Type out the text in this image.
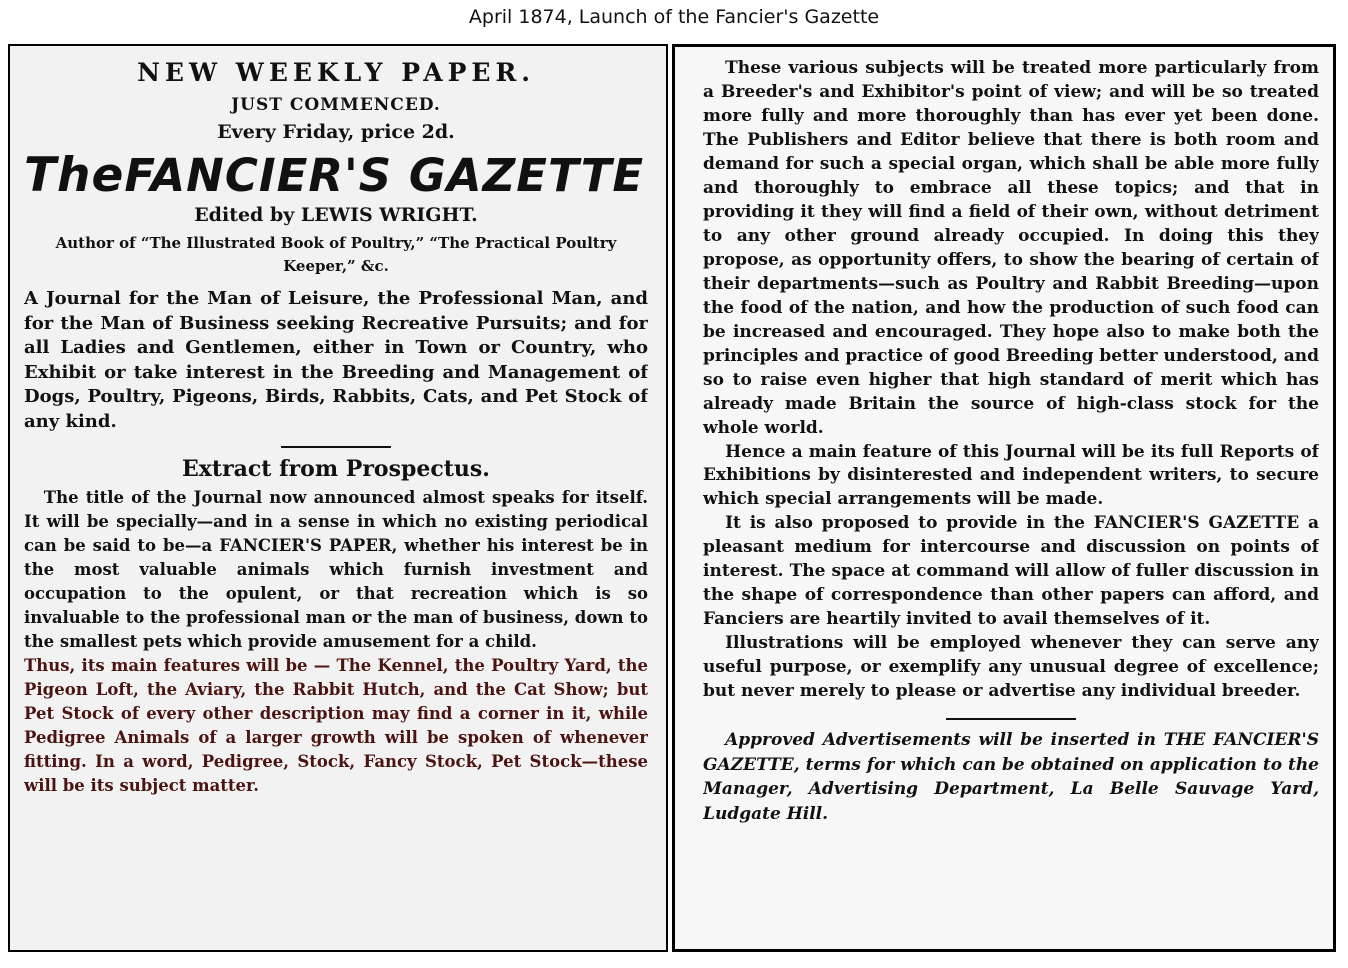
April 1874, Launch of the Fancier's Gazette

NEW WEEKLY PAPER.

JUST COMMENCED.

Every Friday, price 2d.

TheFANCIER'S GAZETTE

Edited by LEWIS WRIGHT.

Author of “The Illustrated Book of Poultry,” “The Practical Poultry Keeper,” &c.

A Journal for the Man of Leisure, the Professional Man, and for the Man of Business seeking Recreative Pursuits; and for all Ladies and Gentlemen, either in Town or Country, who Exhibit or take interest in the Breeding and Management of Dogs, Poultry, Pigeons, Birds, Rabbits, Cats, and Pet Stock of any kind.

Extract from Prospectus.

The title of the Journal now announced almost speaks for itself. It will be specially—and in a sense in which no existing periodical can be said to be—a FANCIER'S PAPER, whether his interest be in the most valuable animals which furnish investment and occupation to the opulent, or that recreation which is so invaluable to the professional man or the man of business, down to the smallest pets which provide amusement for a child.

Thus, its main features will be — The Kennel, the Poultry Yard, the Pigeon Loft, the Aviary, the Rabbit Hutch, and the Cat Show; but Pet Stock of every other description may find a corner in it, while Pedigree Animals of a larger growth will be spoken of whenever fitting. In a word, Pedigree, Stock, Fancy Stock, Pet Stock—these will be its subject matter.

These various subjects will be treated more particularly from a Breeder's and Exhibitor's point of view; and will be so treated more fully and more thoroughly than has ever yet been done. The Publishers and Editor believe that there is both room and demand for such a special organ, which shall be able more fully and thoroughly to embrace all these topics; and that in providing it they will find a field of their own, without detriment to any other ground already occupied. In doing this they propose, as opportunity offers, to show the bearing of certain of their departments—such as Poultry and Rabbit Breeding—upon the food of the nation, and how the production of such food can be increased and encouraged. They hope also to make both the principles and practice of good Breeding better understood, and so to raise even higher that high standard of merit which has already made Britain the source of high-class stock for the whole world.

Hence a main feature of this Journal will be its full Reports of Exhibitions by disinterested and independent writers, to secure which special arrangements will be made.

It is also proposed to provide in the FANCIER'S GAZETTE a pleasant medium for intercourse and discussion on points of interest. The space at command will allow of fuller discussion in the shape of correspondence than other papers can afford, and Fanciers are heartily invited to avail themselves of it.

Illustrations will be employed whenever they can serve any useful purpose, or exemplify any unusual degree of excellence; but never merely to please or advertise any individual breeder.

Approved Advertisements will be inserted in THE FANCIER'S GAZETTE, terms for which can be obtained on application to the Manager, Advertising Department, La Belle Sauvage Yard, Ludgate Hill.
